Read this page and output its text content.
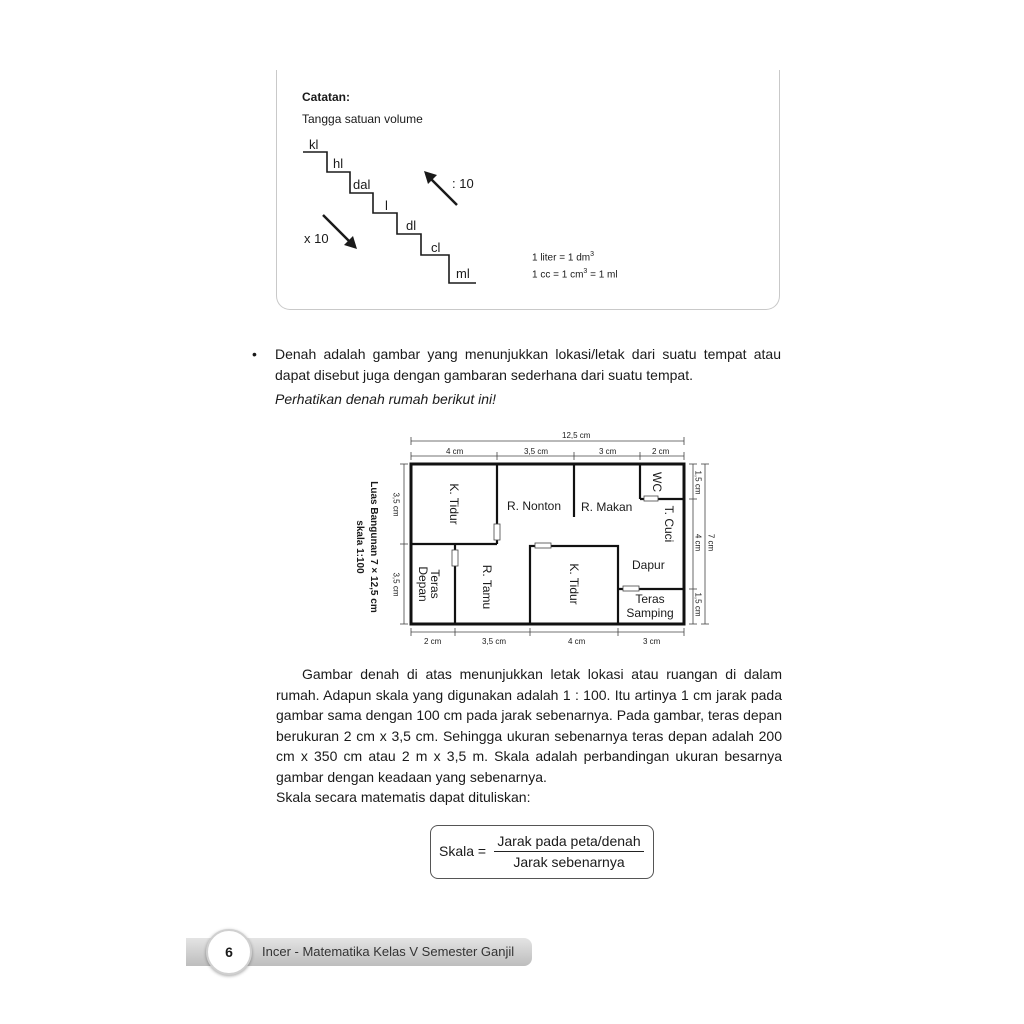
Catatan:
Tangga satuan volume
kl
hl
dal
l
dl
cl
ml
: 10
x 10
1 liter = 1 $dm^3$
1 cc = 1 $cm^3 = 1$ ml
• Denah adalah gambar yang menunjukkan lokasi/letak dari suatu tempat atau
dapat disebut juga dengan gambaran sederhana dari suatu tempat.
Perhatikan denah rumah berikut ini!
K. Tidur	R. Nonton R. Makan
WC
T. Cuci
Teras
Depan	R. Tamu	K. Tidur	Dapur
Teras
Samping
12,5 cm
4 cm	3,5 cm	3 cm	2 cm
2 cm	3,5 cm	4 cm	3 cm
3,5 cm
3,5 cm
1,5 cm
4 cm
1,5 cm
7 cm
Luas Bangunan 7 × 12,5 cm
skala 1:100
Gambar denah di atas menunjukkan letak lokasi atau ruangan di dalam
rumah. Adapun skala yang digunakan adalah 1 : 100. Itu artinya 1 cm jarak pada
gambar sama dengan 100 cm pada jarak sebenarnya. Pada gambar, teras depan
berukuran 2 cm x 3,5 cm. Sehingga ukuran sebenarnya teras depan adalah 200
cm x 350 cm atau 2 m x 3,5 m. Skala adalah perbandingan ukuran besarnya
gambar dengan keadaan yang sebenarnya.
Skala secara matematis dapat dituliskan:
Skala =
Jarak pada peta/denah
Jarak sebenarnya
6	Incer - Matematika Kelas V Semester Ganjil
